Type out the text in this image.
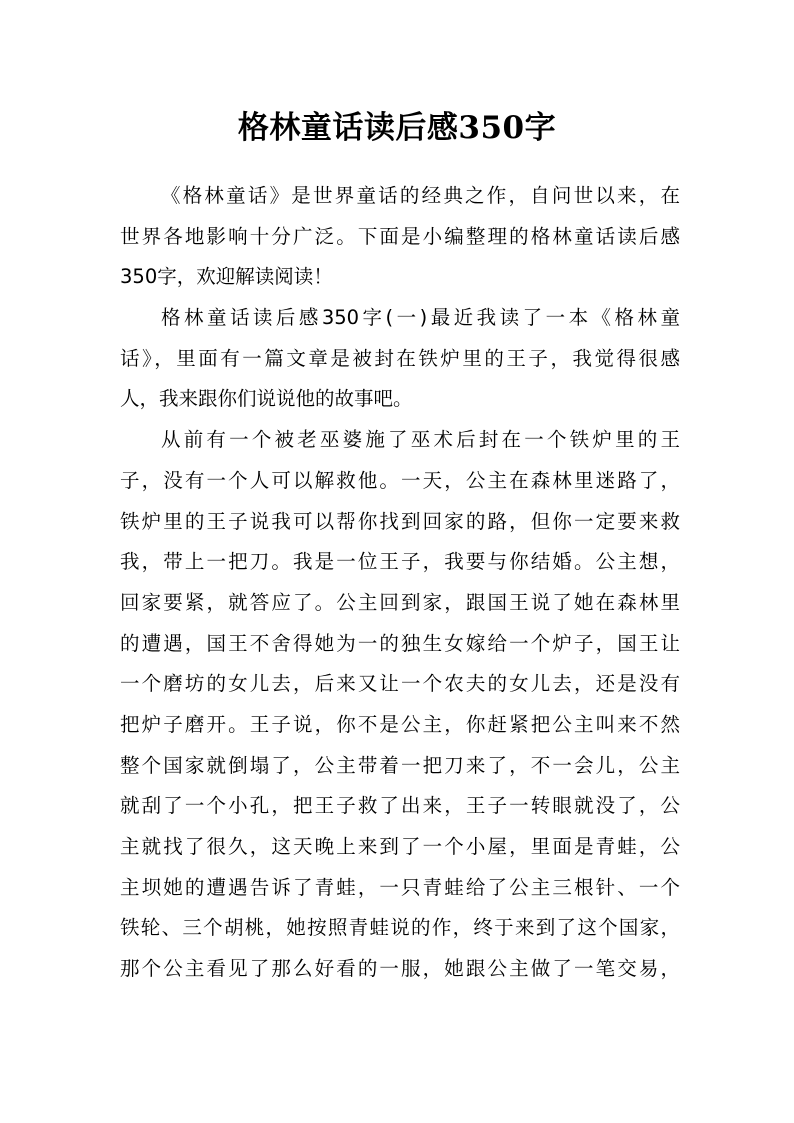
格林童话读后感350字
《格林童话》是世界童话的经典之作，自问世以来，在
世界各地影响十分广泛。下面是小编整理的格林童话读后感
350字，欢迎解读阅读！
格林童话读后感350字(一)最近我读了一本《格林童
话》，里面有一篇文章是被封在铁炉里的王子，我觉得很感
人，我来跟你们说说他的故事吧。
从前有一个被老巫婆施了巫术后封在一个铁炉里的王
子，没有一个人可以解救他。一天，公主在森林里迷路了，
铁炉里的王子说我可以帮你找到回家的路，但你一定要来救
我，带上一把刀。我是一位王子，我要与你结婚。公主想，
回家要紧，就答应了。公主回到家，跟国王说了她在森林里
的遭遇，国王不舍得她为一的独生女嫁给一个炉子，国王让
一个磨坊的女儿去，后来又让一个农夫的女儿去，还是没有
把炉子磨开。王子说，你不是公主，你赶紧把公主叫来不然
整个国家就倒塌了，公主带着一把刀来了，不一会儿，公主
就刮了一个小孔，把王子救了出来，王子一转眼就没了，公
主就找了很久，这天晚上来到了一个小屋，里面是青蛙，公
主坝她的遭遇告诉了青蛙，一只青蛙给了公主三根针、一个
铁轮、三个胡桃，她按照青蛙说的作，终于来到了这个国家，
那个公主看见了那么好看的一服，她跟公主做了一笔交易，
